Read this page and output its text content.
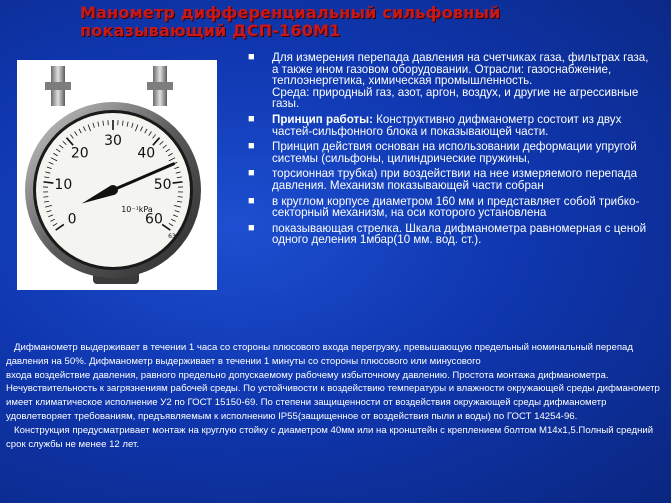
Манометр дифференциальный сильфовный показывающий ДСП-160М1
0
10
20
30
40
50
60
10⁻¹kPa
63
■ Для измерения перепада давления на счетчиках газа, фильтрах газа, а также ином газовом оборудовании. Отрасли: газоснабжение, теплоэнергетика, химическая промышленность.
Среда: природный газ, азот, аргон, воздух, и другие не агрессивные газы.
■ Принцип работы: Конструктивно дифманометр состоит из двух частей-сильфонного блока и показывающей части.
■ Принцип действия основан на использовании деформации упругой системы (сильфоны, цилиндрические пружины,
■ торсионная трубка) при воздействии на нее измеряемого перепада давления. Механизм показывающей части собран
■ в круглом корпусе диаметром 160 мм и представляет собой трибко-секторный механизм, на оси которого установлена
■ показывающая стрелка. Шкала дифманометра равномерная с ценой одного деления 1мбар(10 мм. вод. ст.).

Дифманометр выдерживает в течении 1 часа со стороны плюсового входа перегрузку, превышающую предельный номинальный перепад давления на 50%. Дифманометр выдерживает в течении 1 минуты со стороны плюсового или минусового

входа воздействие давления, равного предельно допускаемому рабочему избыточному давлению. Простота монтажа дифманометра. Нечувствительность к загрязнениям рабочей среды. По устойчивости к воздействию температуры и влажности окружающей среды дифманометр

имеет климатическое исполнение У2 по ГОСТ 15150-69. По степени защищенности от воздействия окружающей среды дифманометр удовлетворяет требованиям, предъявляемым к исполнению IP55(защищенное от воздействия пыли и воды) по ГОСТ 14254-96.

Конструкция предусматривает монтаж на круглую стойку с диаметром 40мм или на кронштейн с креплением болтом М14х1,5.Полный средний срок службы не менее 12 лет.
